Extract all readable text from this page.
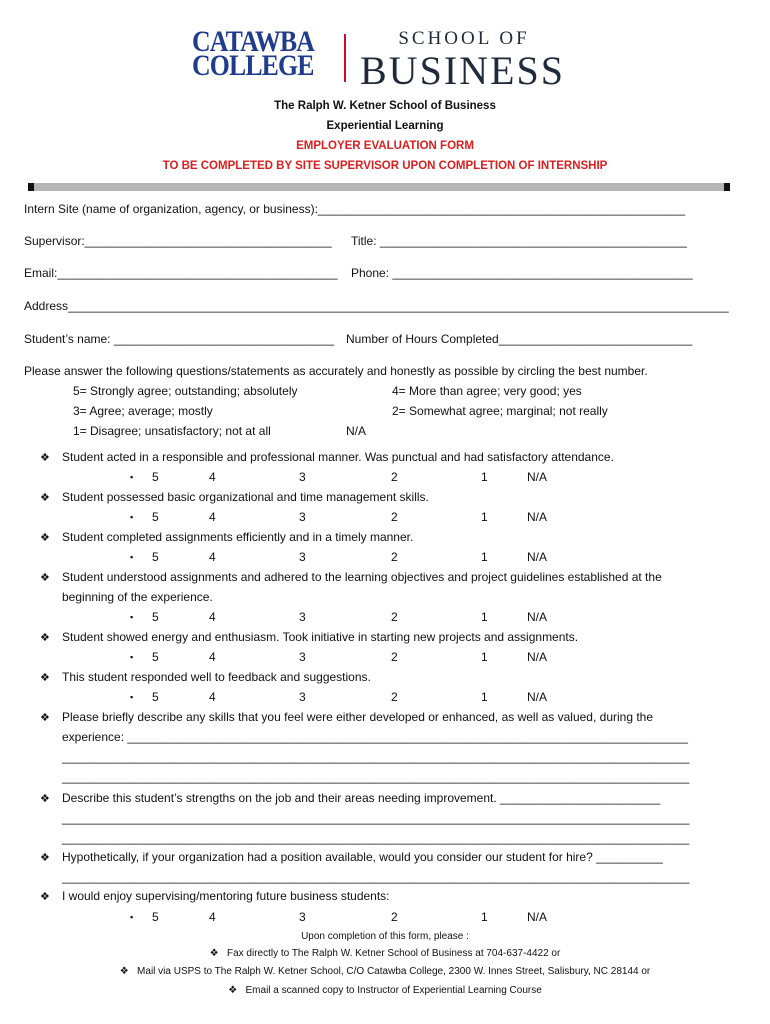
CATAWBA
COLLEGE
SCHOOL OF
BUSINESS
The Ralph W. Ketner School of Business
Experiential Learning
EMPLOYER EVALUATION FORM
TO BE COMPLETED BY SITE SUPERVISOR UPON COMPLETION OF INTERNSHIP
Intern Site (name of organization, agency, or business):_______________________________________________________
Supervisor:_____________________________________ Title: ______________________________________________
Email:__________________________________________ Phone: _____________________________________________
Address___________________________________________________________________________________________________
Student’s name: _________________________________ Number of Hours Completed_____________________________
Please answer the following questions/statements as accurately and honestly as possible by circling the best number.
5= Strongly agree; outstanding; absolutely	4= More than agree; very good; yes
3= Agree; average; mostly	2= Somewhat agree; marginal; not really
1= Disagree; unsatisfactory; not at all	N/A
❖ Student acted in a responsible and professional manner. Was punctual and had satisfactory attendance.
▪ 5	4	3	2	1	N/A
❖ Student possessed basic organizational and time management skills.
▪ 5	4	3	2	1	N/A
❖ Student completed assignments efficiently and in a timely manner.
▪ 5	4	3	2	1	N/A
❖ Student understood assignments and adhered to the learning objectives and project guidelines established at the
beginning of the experience.
▪ 5	4	3	2	1	N/A
❖ Student showed energy and enthusiasm. Took initiative in starting new projects and assignments.
▪ 5	4	3	2	1	N/A
❖ This student responded well to feedback and suggestions.
▪ 5	4	3	2	1	N/A
❖ Please briefly describe any skills that you feel were either developed or enhanced, as well as valued, during the
experience: ____________________________________________________________________________________
______________________________________________________________________________________________
______________________________________________________________________________________________
❖ Describe this student’s strengths on the job and their areas needing improvement. ________________________
______________________________________________________________________________________________
______________________________________________________________________________________________
❖ Hypothetically, if your organization had a position available, would you consider our student for hire? __________
______________________________________________________________________________________________
❖ I would enjoy supervising/mentoring future business students:
▪ 5	4	3	2	1	N/A
Upon completion of this form, please :
❖   Fax directly to The Ralph W. Ketner School of Business at 704-637-4422 or
❖   Mail via USPS to The Ralph W. Ketner School, C/O Catawba College, 2300 W. Innes Street, Salisbury, NC 28144 or
❖   Email a scanned copy to Instructor of Experiential Learning Course
